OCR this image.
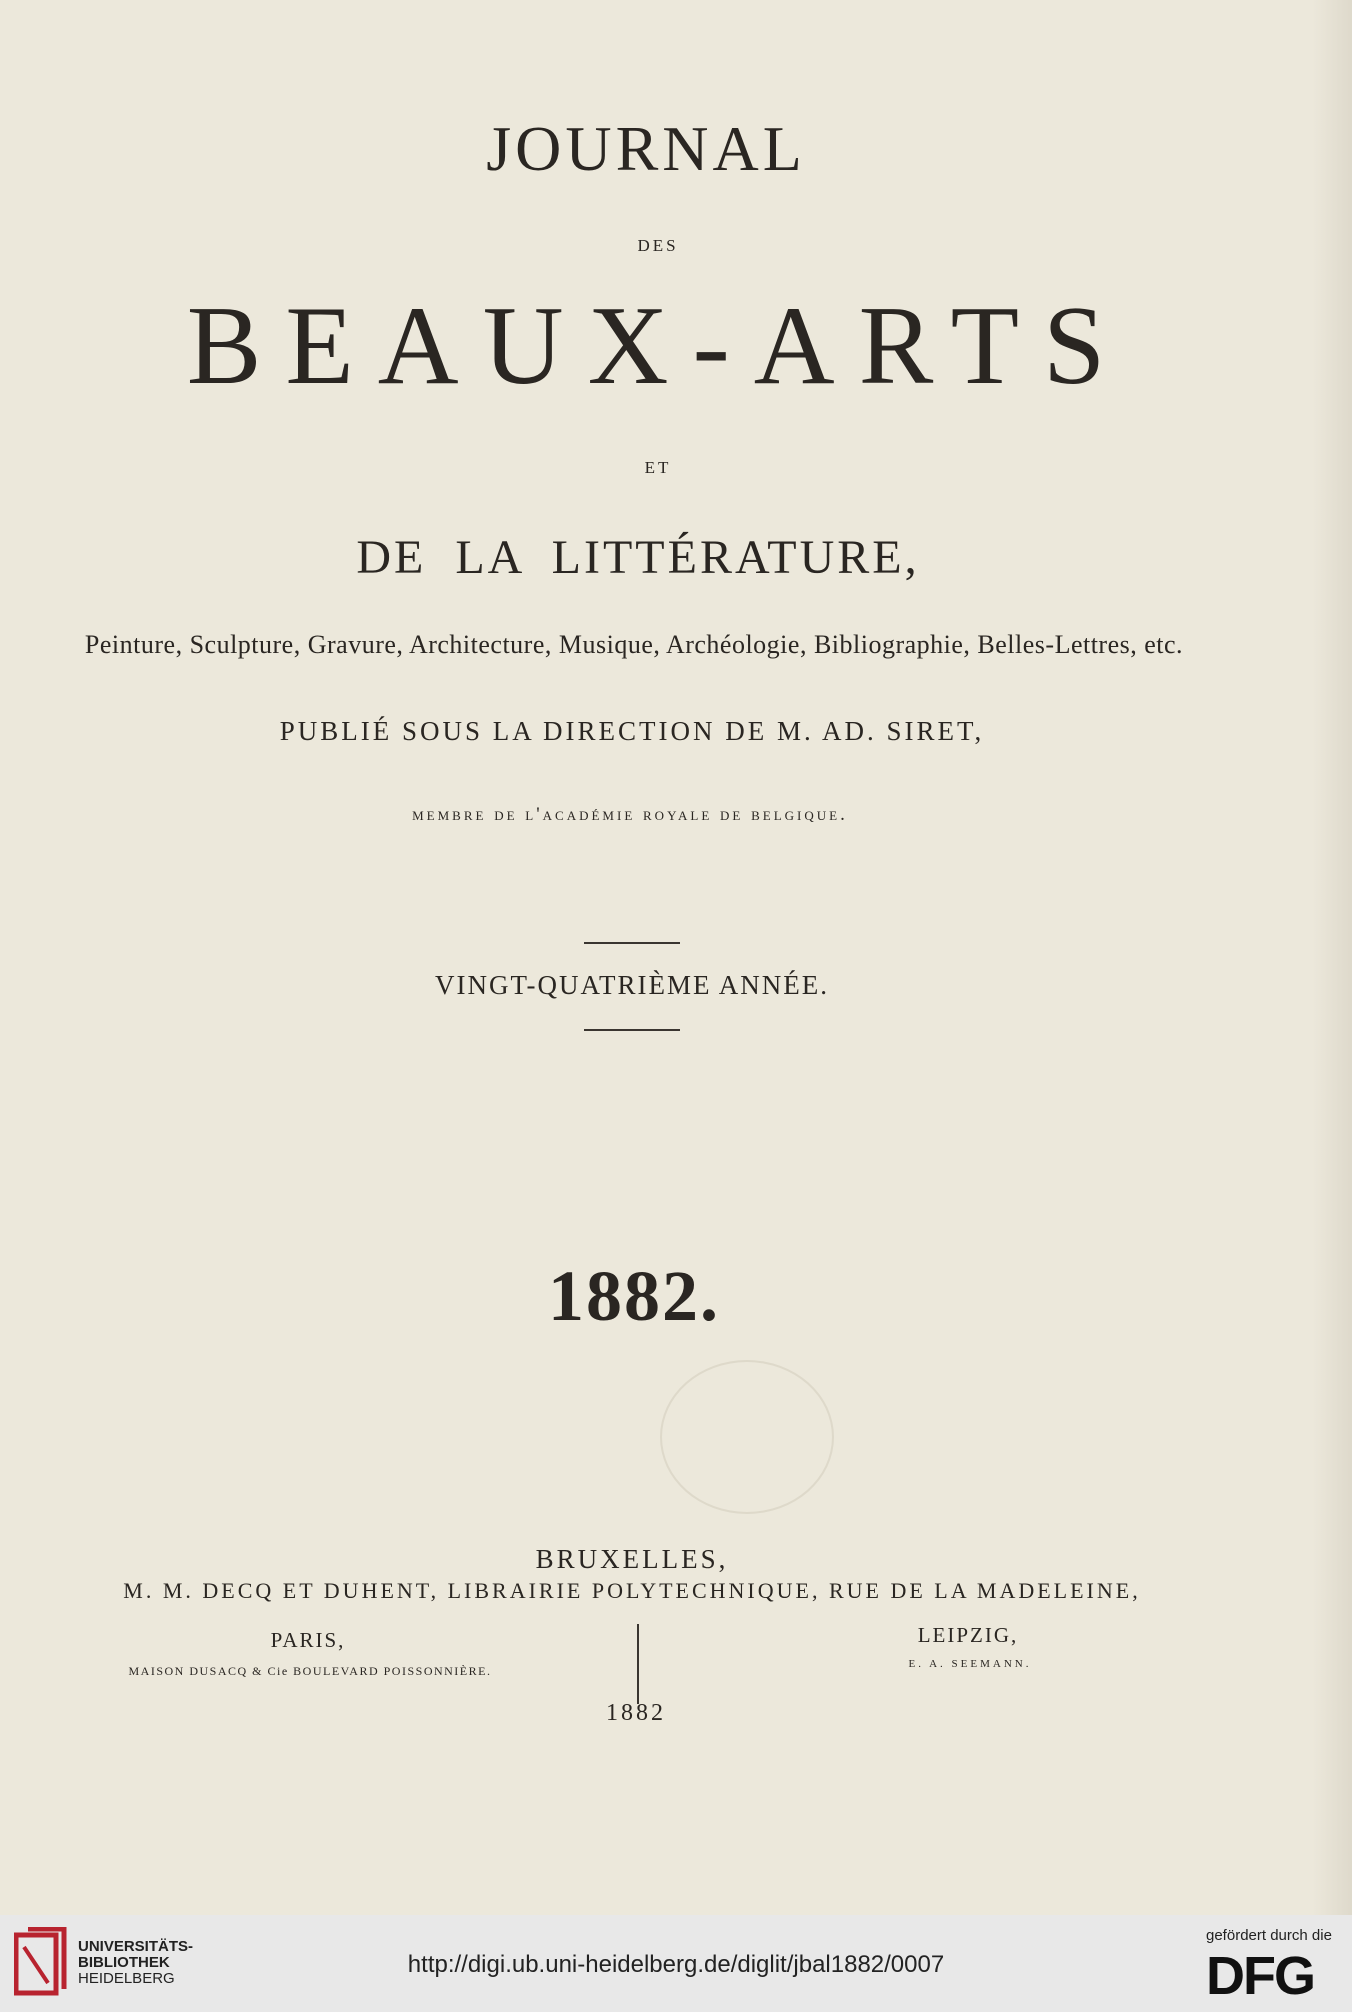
JOURNAL
DES
BEAUX-ARTS
ET
DE LA LITTÉRATURE,
Peinture, Sculpture, Gravure, Architecture, Musique, Archéologie, Bibliographie, Belles-Lettres, etc.
PUBLIÉ SOUS LA DIRECTION DE M. AD. SIRET,
membre de l'académie royale de belgique.
VINGT-QUATRIÈME ANNÉE.
1882.
BRUXELLES,
M. M. DECQ ET DUHENT, LIBRAIRIE POLYTECHNIQUE, RUE DE LA MADELEINE,
PARIS,
MAISON DUSACQ & Cie BOULEVARD POISSONNIÈRE.
LEIPZIG,
E. A. SEEMANN.
1882
UNIVERSITÄTS-
BIBLIOTHEK
HEIDELBERG
http://digi.ub.uni-heidelberg.de/diglit/jbal1882/0007
gefördert durch die
DFG
